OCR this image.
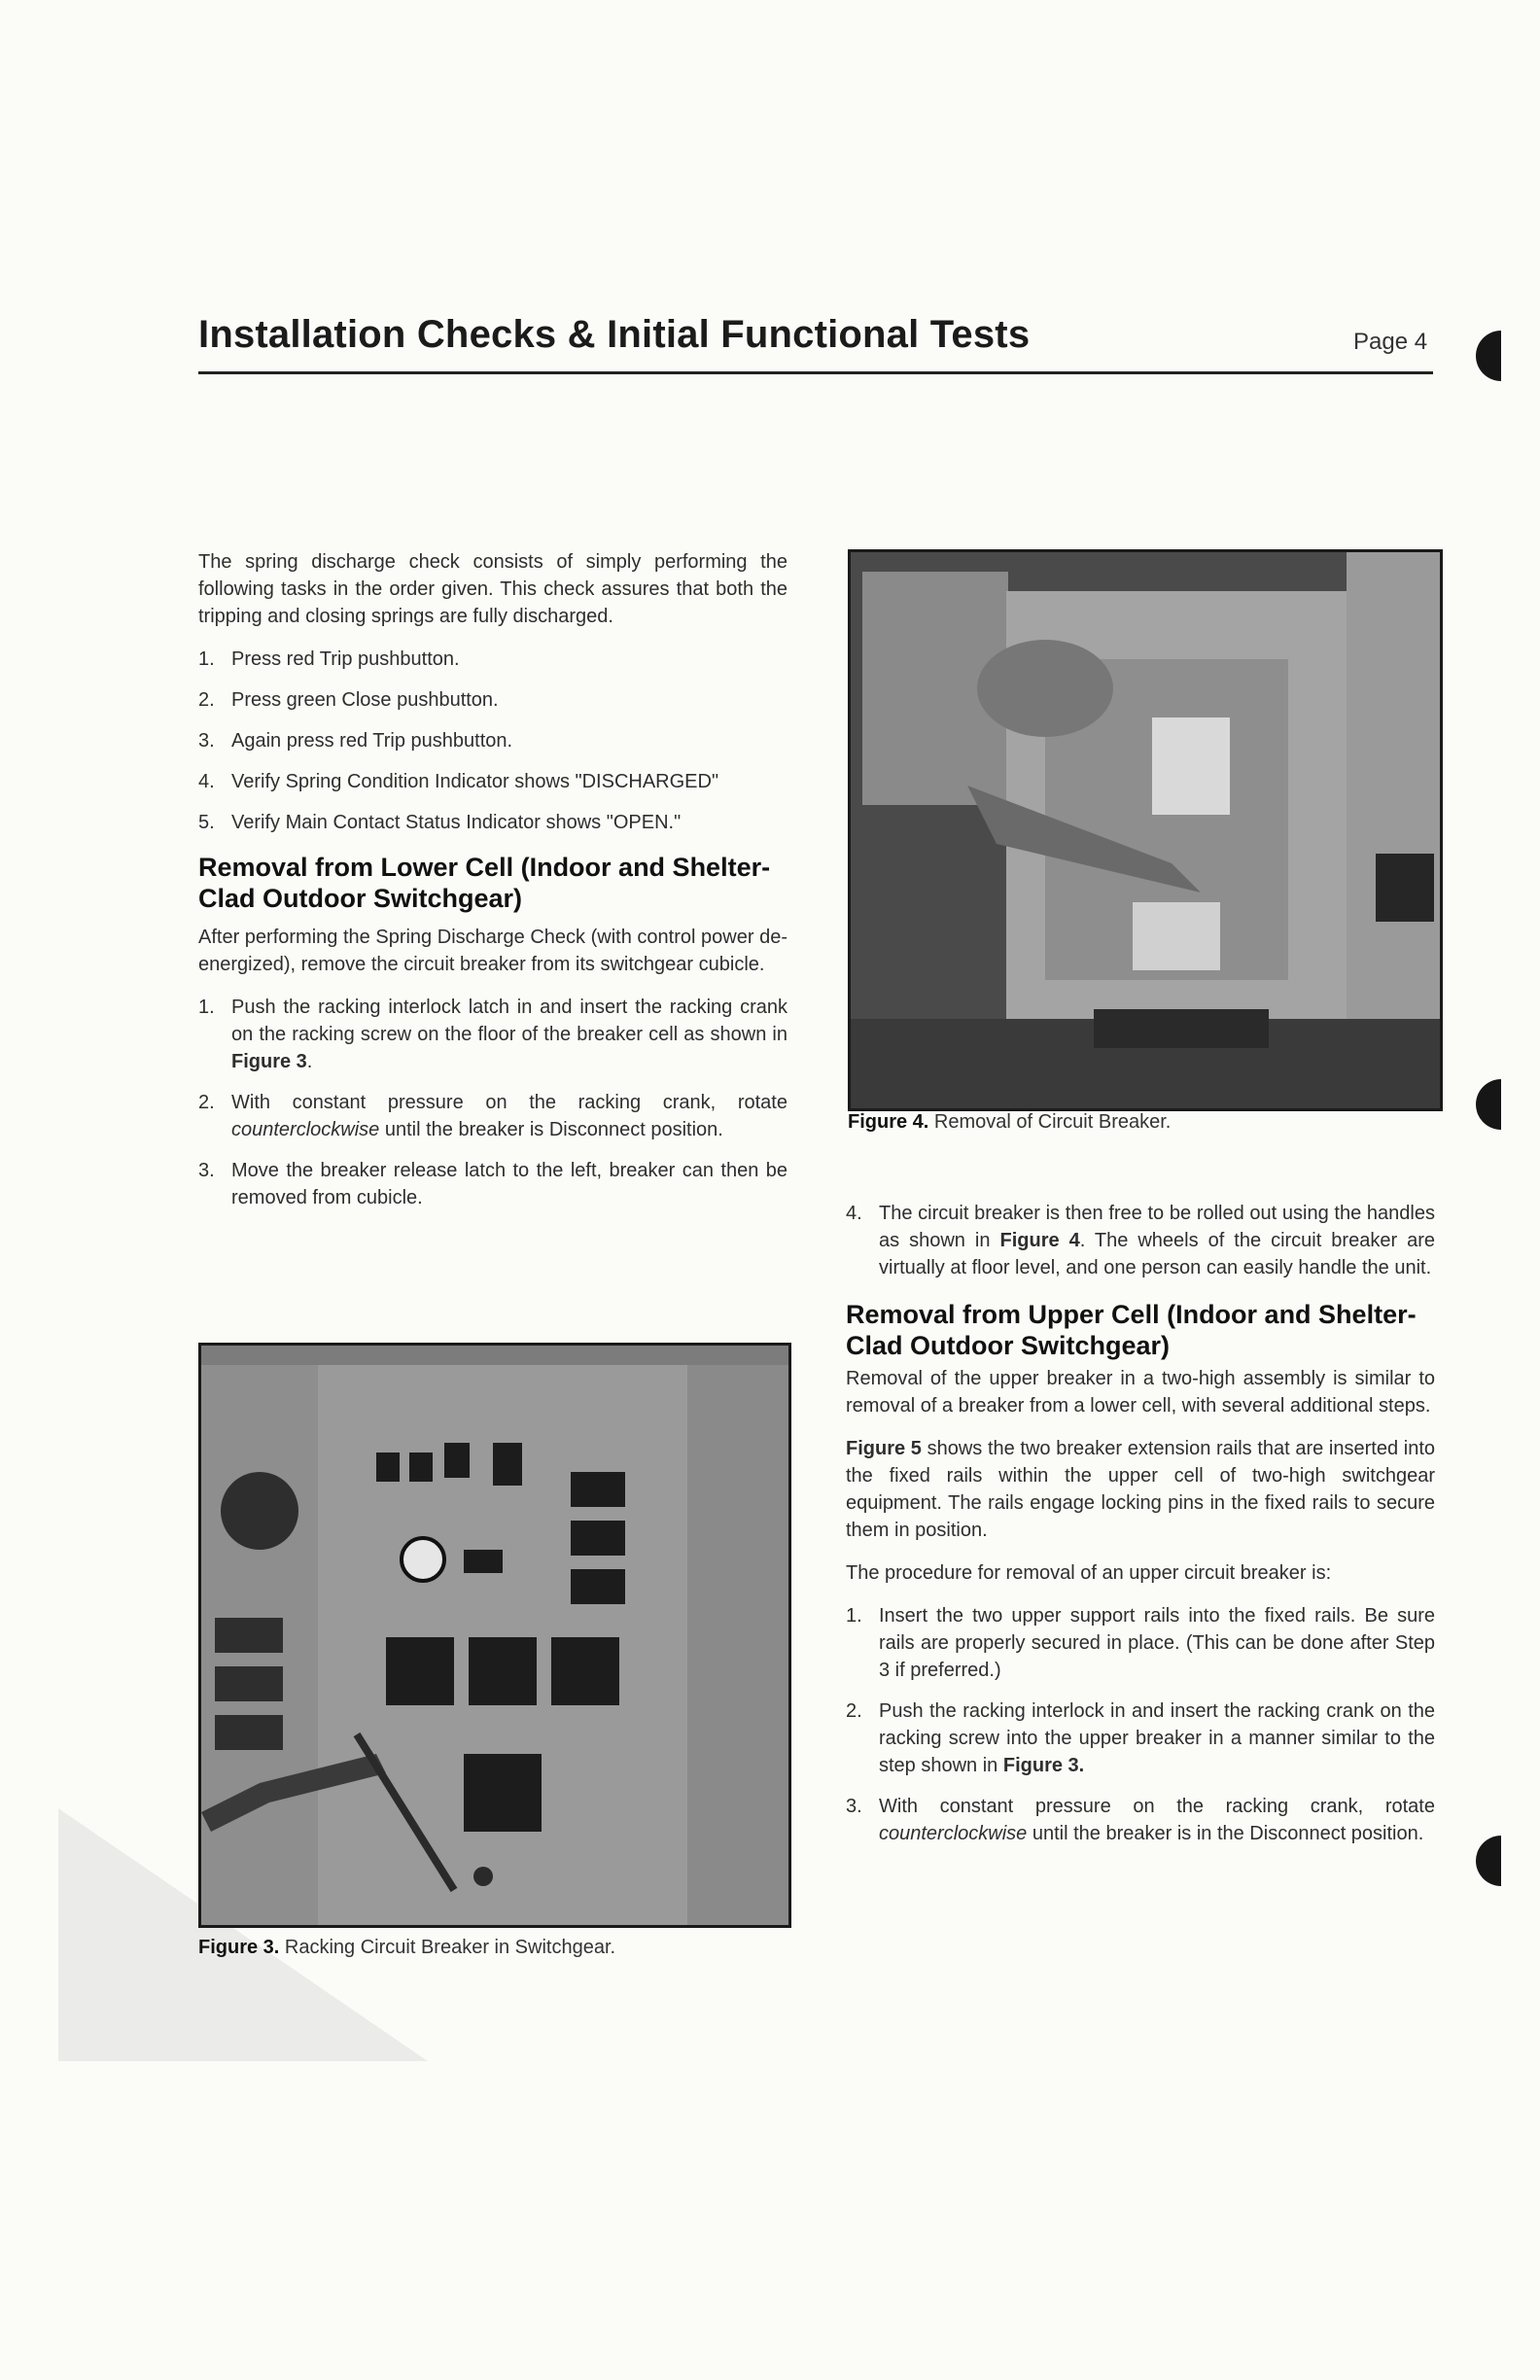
Installation Checks & Initial Functional Tests	Page 4

The spring discharge check consists of simply performing the following tasks in the order given. This check assures that both the tripping and closing springs are fully discharged.

1. Press red Trip pushbutton.
2. Press green Close pushbutton.
3. Again press red Trip pushbutton.
4. Verify Spring Condition Indicator shows "DISCHARGED"
5. Verify Main Contact Status Indicator shows "OPEN."
Removal from Lower Cell (Indoor and Shelter-Clad Outdoor Switchgear)

After performing the Spring Discharge Check (with control power de-energized), remove the circuit breaker from its switchgear cubicle.

1. Push the racking interlock latch in and insert the racking crank on the racking screw on the floor of the breaker cell as shown in Figure 3.
2. With constant pressure on the racking crank, rotate counterclockwise until the breaker is Disconnect position.
3. Move the breaker release latch to the left, breaker can then be removed from cubicle.
Figure 4. Removal of Circuit Breaker.
Figure 3. Racking Circuit Breaker in Switchgear.
4. The circuit breaker is then free to be rolled out using the handles as shown in Figure 4. The wheels of the circuit breaker are virtually at floor level, and one person can easily handle the unit.
Removal from Upper Cell (Indoor and Shelter-Clad Outdoor Switchgear)

Removal of the upper breaker in a two-high assembly is similar to removal of a breaker from a lower cell, with several additional steps.

Figure 5 shows the two breaker extension rails that are inserted into the fixed rails within the upper cell of two-high switchgear equipment. The rails engage locking pins in the fixed rails to secure them in position.

The procedure for removal of an upper circuit breaker is:

1. Insert the two upper support rails into the fixed rails. Be sure rails are properly secured in place. (This can be done after Step 3 if preferred.)
2. Push the racking interlock in and insert the racking crank on the racking screw into the upper breaker in a manner similar to the step shown in Figure 3.
3. With constant pressure on the racking crank, rotate counterclockwise until the breaker is in the Disconnect position.
